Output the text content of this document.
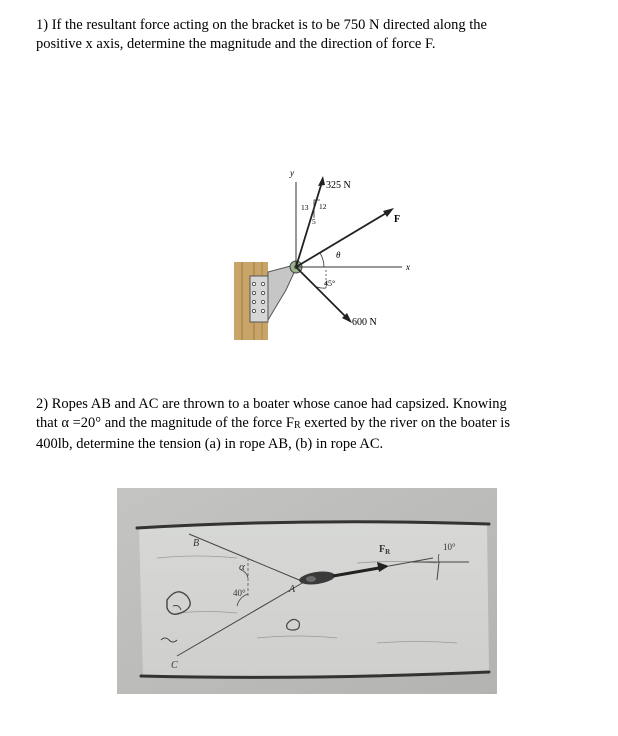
1) If the resultant force acting on the bracket is to be 750 N directed along the
positive x axis, determine the magnitude and the direction of force F.
y
x
325 N
13 12
5	F
θ
600 N
45°
2) Ropes AB and AC are thrown to a boater whose canoe had capsized. Knowing
that α =20° and the magnitude of the force FR exerted by the river on the boater is
400lb, determine the tension (a) in rope AB, (b) in rope AC.
B
C
A
α
40°
$F_R$	10°
